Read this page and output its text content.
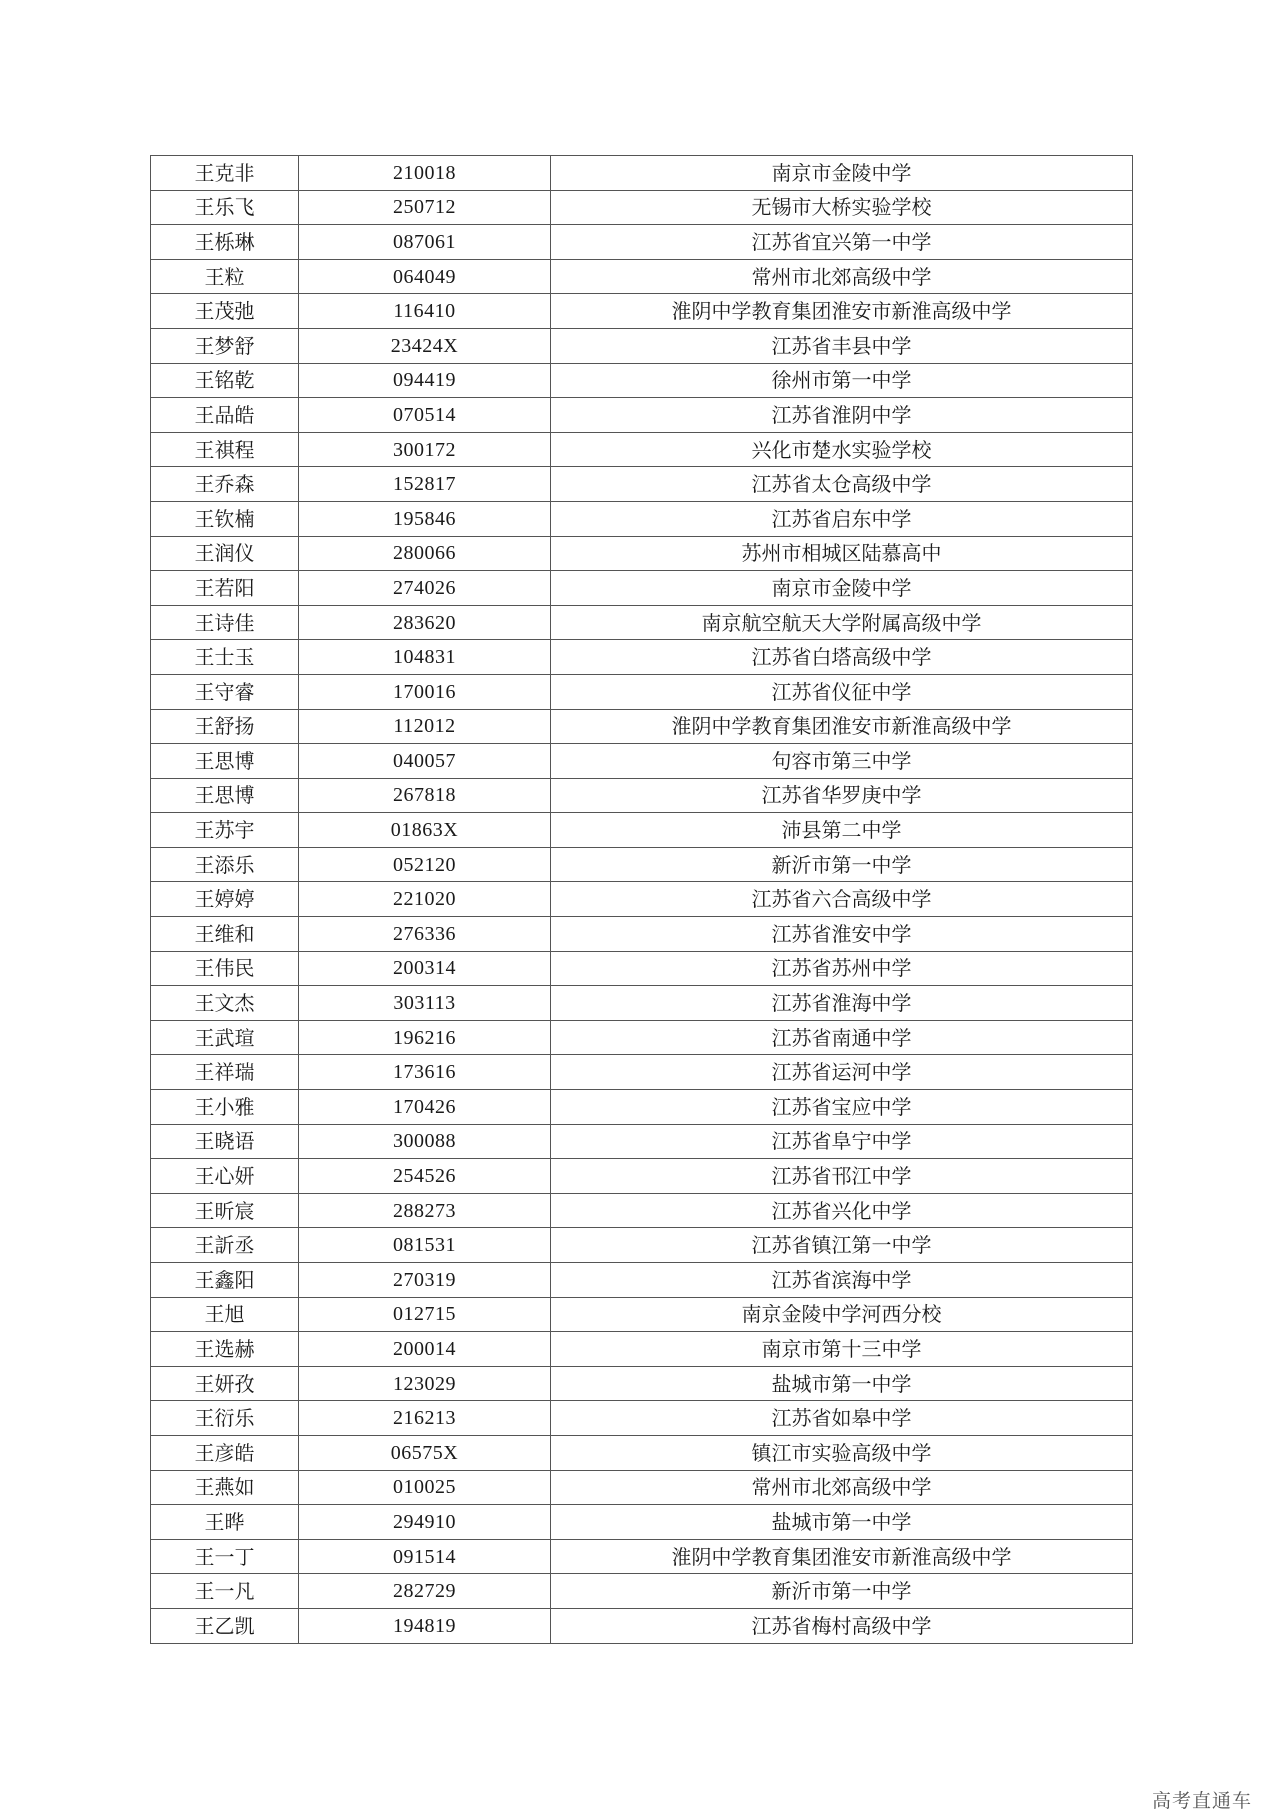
王克非	210018	南京市金陵中学
王乐飞	250712	无锡市大桥实验学校
王栎琳	087061	江苏省宜兴第一中学
王粒	064049	常州市北郊高级中学
王茂弛	116410	淮阴中学教育集团淮安市新淮高级中学
王梦舒	23424X	江苏省丰县中学
王铭乾	094419	徐州市第一中学
王品皓	070514	江苏省淮阴中学
王祺程	300172	兴化市楚水实验学校
王乔森	152817	江苏省太仓高级中学
王钦楠	195846	江苏省启东中学
王润仪	280066	苏州市相城区陆慕高中
王若阳	274026	南京市金陵中学
王诗佳	283620	南京航空航天大学附属高级中学
王士玉	104831	江苏省白塔高级中学
王守睿	170016	江苏省仪征中学
王舒扬	112012	淮阴中学教育集团淮安市新淮高级中学
王思博	040057	句容市第三中学
王思博	267818	江苏省华罗庚中学
王苏宇	01863X	沛县第二中学
王添乐	052120	新沂市第一中学
王婷婷	221020	江苏省六合高级中学
王维和	276336	江苏省淮安中学
王伟民	200314	江苏省苏州中学
王文杰	303113	江苏省淮海中学
王武瑄	196216	江苏省南通中学
王祥瑞	173616	江苏省运河中学
王小雅	170426	江苏省宝应中学
王晓语	300088	江苏省阜宁中学
王心妍	254526	江苏省邗江中学
王昕宸	288273	江苏省兴化中学
王訢丞	081531	江苏省镇江第一中学
王鑫阳	270319	江苏省滨海中学
王旭	012715	南京金陵中学河西分校
王选赫	200014	南京市第十三中学
王妍孜	123029	盐城市第一中学
王衍乐	216213	江苏省如皋中学
王彦皓	06575X	镇江市实验高级中学
王燕如	010025	常州市北郊高级中学
王晔	294910	盐城市第一中学
王一丁	091514	淮阴中学教育集团淮安市新淮高级中学
王一凡	282729	新沂市第一中学
王乙凯	194819	江苏省梅村高级中学
高考直通车
